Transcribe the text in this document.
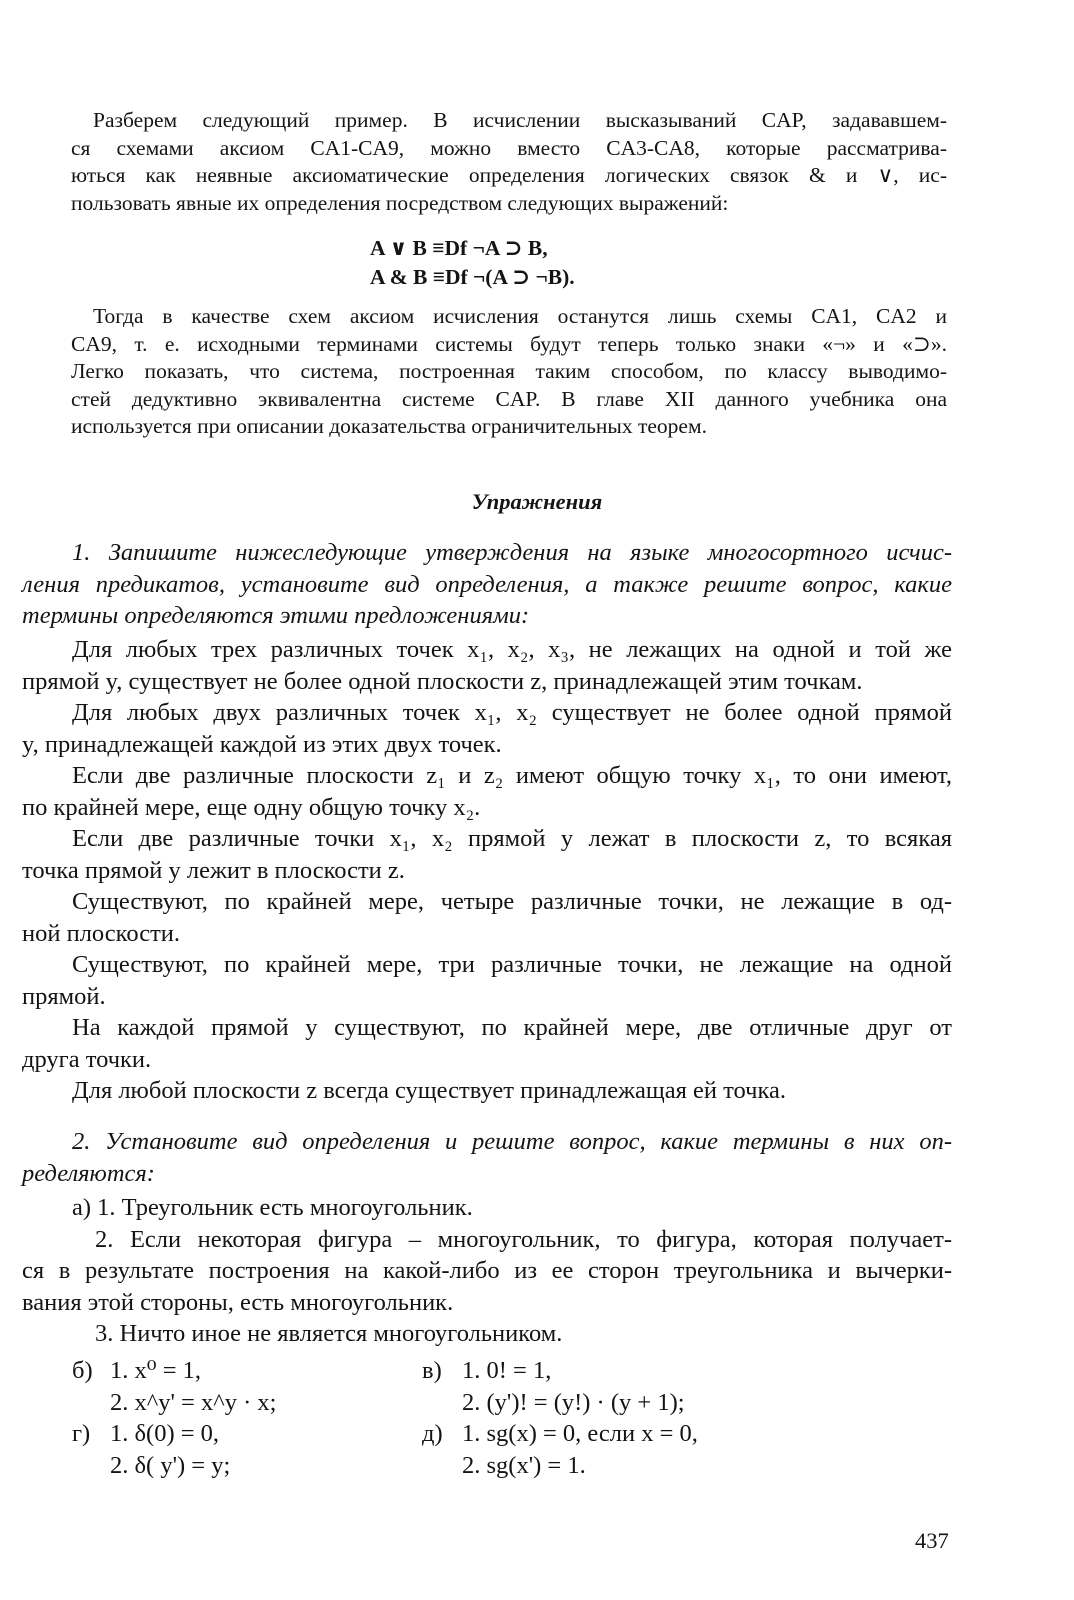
Разберем следующий пример. В исчислении высказываний CAP, задававшем-
ся схемами аксиом CA1-CA9, можно вместо CA3-CA8, которые рассматрива-
ються как неявные аксиоматические определения логических связок & и ∨, ис-
пользовать явные их определения посредством следующих выражений:
A ∨ B ≡Df ¬A ⊃ B,
A & B ≡Df ¬(A ⊃ ¬B).
Тогда в качестве схем аксиом исчисления останутся лишь схемы CA1, CA2 и
CA9, т. е. исходными терминами системы будут теперь только знаки «¬» и «⊃».
Легко показать, что система, построенная таким способом, по классу выводимо-
стей дедуктивно эквивалентна системе CAP. В главе XII данного учебника она
используется при описании доказательства ограничительных теорем.
Упражнения
1. Запишите нижеследующие утверждения на языке многосортного исчис-
ления предикатов, установите вид определения, а также решите вопрос, какие
термины определяются этими предложениями:
Для любых трех различных точек x₁, x₂, x₃, не лежащих на одной и той же
прямой y, существует не более одной плоскости z, принадлежащей этим точкам.
Для любых двух различных точек x₁, x₂ существует не более одной прямой
y, принадлежащей каждой из этих двух точек.
Если две различные плоскости z₁ и z₂ имеют общую точку x₁, то они имеют,
по крайней мере, еще одну общую точку x₂.
Если две различные точки x₁, x₂ прямой y лежат в плоскости z, то всякая
точка прямой y лежит в плоскости z.
Существуют, по крайней мере, четыре различные точки, не лежащие в од-
ной плоскости.
Существуют, по крайней мере, три различные точки, не лежащие на одной
прямой.
На каждой прямой y существуют, по крайней мере, две отличные друг от
друга точки.
Для любой плоскости z всегда существует принадлежащая ей точка.
2. Установите вид определения и решите вопрос, какие термины в них оп-
ределяются:
а) 1. Треугольник есть многоугольник.
2. Если некоторая фигура – многоугольник, то фигура, которая получает-
ся в результате построения на какой-либо из ее сторон треугольника и вычерки-
вания этой стороны, есть многоугольник.
3. Ничто иное не является многоугольником.
б) 1. x⁰ = 1,	в) 1. 0! = 1,
2. x^y' = x^y · x;	2. (y')! = (y!) · (y + 1);
г) 1. δ(0) = 0,	д) 1. sg(x) = 0, если x = 0,
2. δ( y') = y;	2. sg(x') = 1.
437
